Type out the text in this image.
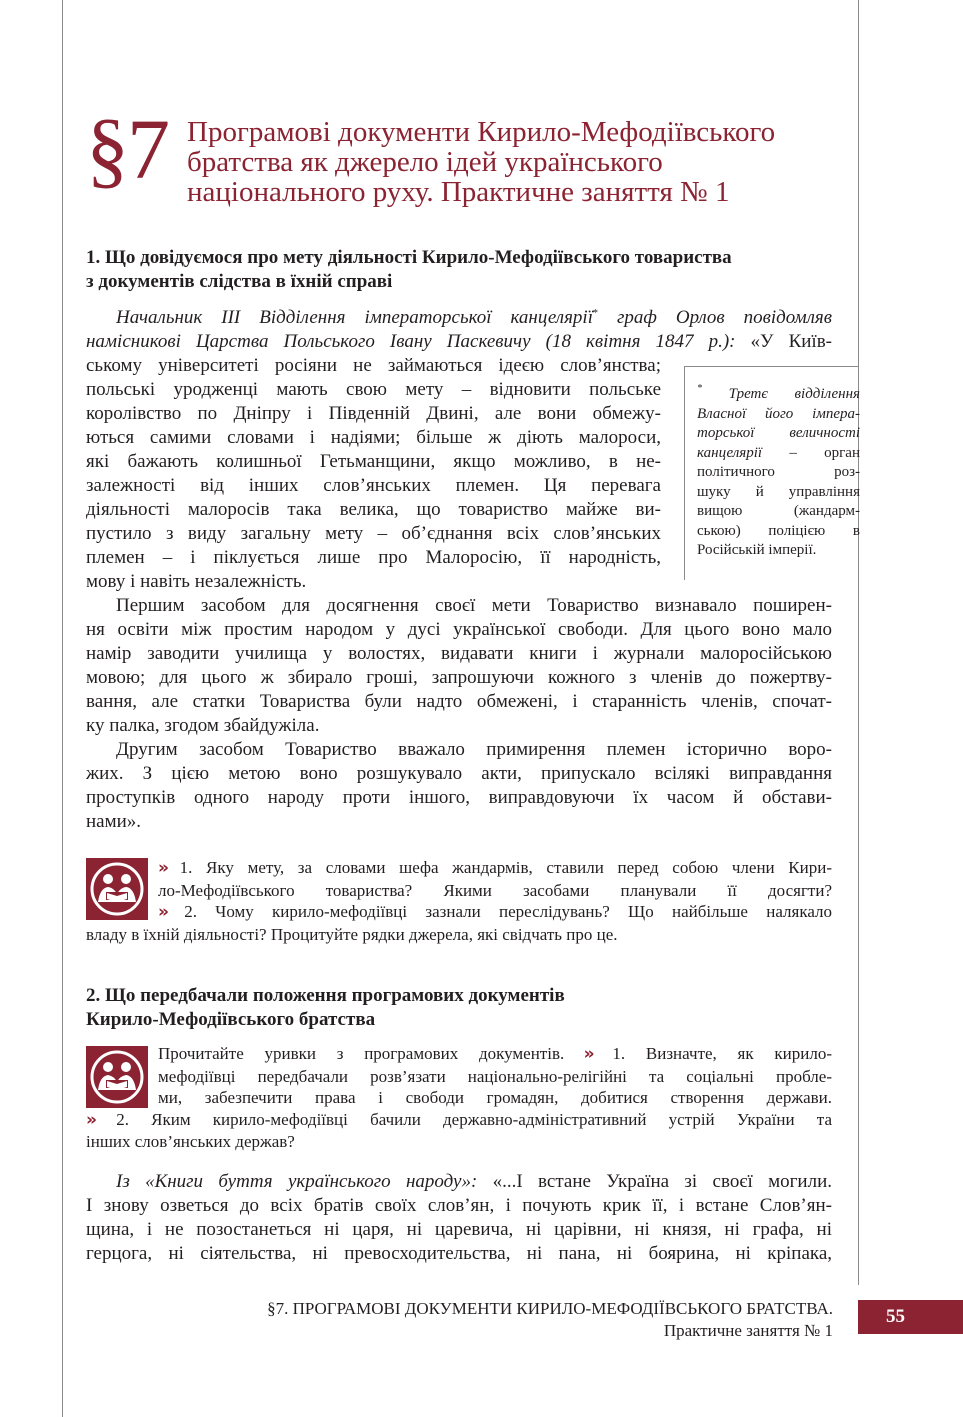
§7 Програмові документи Кирило-Мефодіївського
братства як джерело ідей українського
національного руху. Практичне заняття № 1
1. Що довідуємося про мету діяльності Кирило-Мефодіївського товариства
з документів слідства в їхній справі
Начальник ІІІ Відділення імператорської канцелярії* граф Орлов повідомляв
намісникові Царства Польського Івану Паскевичу (18 квітня 1847 р.): «У Київ-
ському університеті росіяни не займаються ідеєю слов’янства;
польські уродженці мають свою мету – відновити польське
королівство по Дніпру і Південній Двині, але вони обмежу-
ються самими словами і надіями; більше ж діють малороси,
які бажають колишньої Гетьманщини, якщо можливо, в не-
залежності від інших слов’янських племен. Ця перевага
діяльності малоросів така велика, що товариство майже ви-
пустило з виду загальну мету – об’єднання всіх слов’янських
племен – і піклується лише про Малоросію, її народність,
мову і навіть незалежність.
* Третє відділення
Власної його імпера-
торської величності
канцелярії – орган
політичного роз-
шуку й управління
вищою (жандарм-
ською) поліцією в
Російській імперії.
Першим засобом для досягнення своєї мети Товариство визнавало поширен-
ня освіти між простим народом у дусі української свободи. Для цього воно мало
намір заводити училища у волостях, видавати книги і журнали малоросійською
мовою; для цього ж збирало гроші, запрошуючи кожного з членів до пожертву-
вання, але статки Товариства були надто обмежені, і старанність членів, спочат-
ку палка, згодом збайдужіла.
Другим засобом Товариство вважало примирення племен історично воро-
жих. З цією метою воно розшукувало акти, припускало всілякі виправдання
проступків одного народу проти іншого, виправдовуючи їх часом й обстави-
нами».
» 1. Яку мету, за словами шефа жандармів, ставили перед собою члени Кири-
ло-Мефодіївського товариства? Якими засобами планували її досягти?
» 2. Чому кирило-мефодіївці зазнали переслідувань? Що найбільше налякало
владу в їхній діяльності? Процитуйте рядки джерела, які свідчать про це.
2. Що передбачали положення програмових документів
Кирило-Мефодіївського братства
Прочитайте уривки з програмових документів. » 1. Визначте, як кирило-
мефодіївці передбачали розв’язати національно-релігійні та соціальні пробле-
ми, забезпечити права і свободи громадян, добитися створення держави.
» 2. Яким кирило-мефодіївці бачили державно-адміністративний устрій України та
інших слов’янських держав?
Із «Книги буття українського народу»: «...І встане Україна зі своєї могили.
І знову озветься до всіх братів своїх слов’ян, і почують крик її, і встане Слов’ян-
щина, і не позостанеться ні царя, ні царевича, ні царівни, ні князя, ні графа, ні
герцога, ні сіятельства, ні превосходительства, ні пана, ні боярина, ні кріпака,
§7. ПРОГРАМОВІ ДОКУМЕНТИ КИРИЛО-МЕФОДІЇВСЬКОГО БРАТСТВА.
Практичне заняття № 1
55
